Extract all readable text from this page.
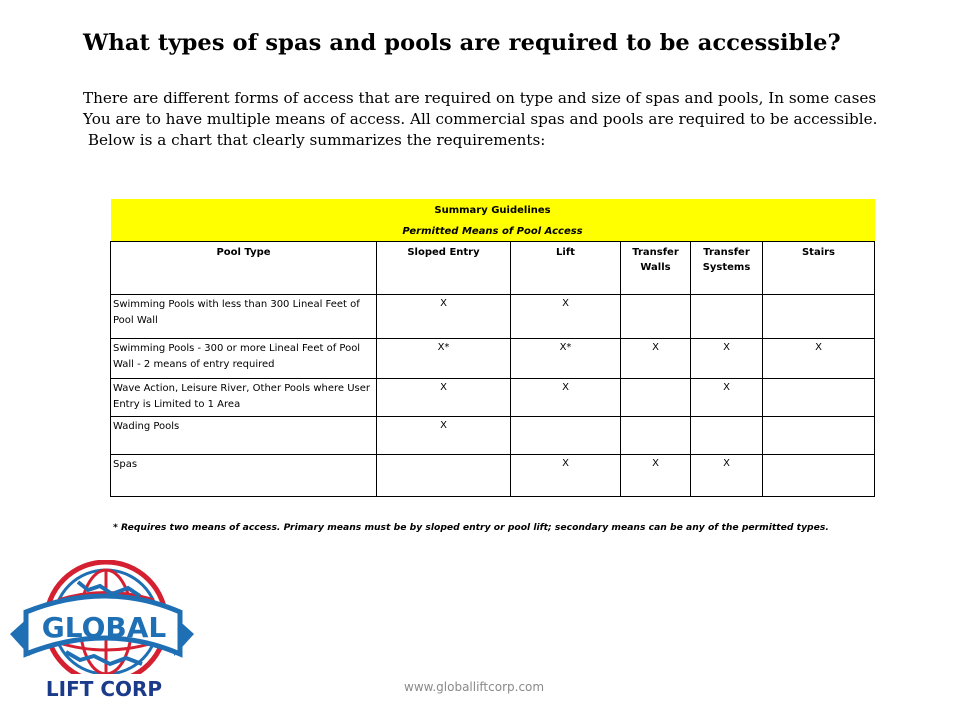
What types of spas and pools are required to be accessible?
There are different forms of access that are required on type and size of spas and pools, In some cases
You are to have multiple means of access. All commercial spas and pools are required to be accessible.
Below is a chart that clearly summarizes the requirements:
Summary Guidelines					
Permitted Means of Pool Access					
Pool Type	Sloped Entry	Lift	Transfer Walls	Transfer Systems	Stairs
Swimming Pools with less than 300 Lineal Feet of Pool Wall	X	X			
Swimming Pools - 300 or more Lineal Feet of Pool Wall - 2 means of entry required	X*	X*	X	X	X
Wave Action, Leisure River, Other Pools where User Entry is Limited to 1 Area	X	X		X	
Wading Pools	X				
Spas		X	X	X	
* Requires two means of access. Primary means must be by sloped entry or pool lift; secondary means can be any of the permitted types.
GLOBAL
LIFT CORP	www.globalliftcorp.com
